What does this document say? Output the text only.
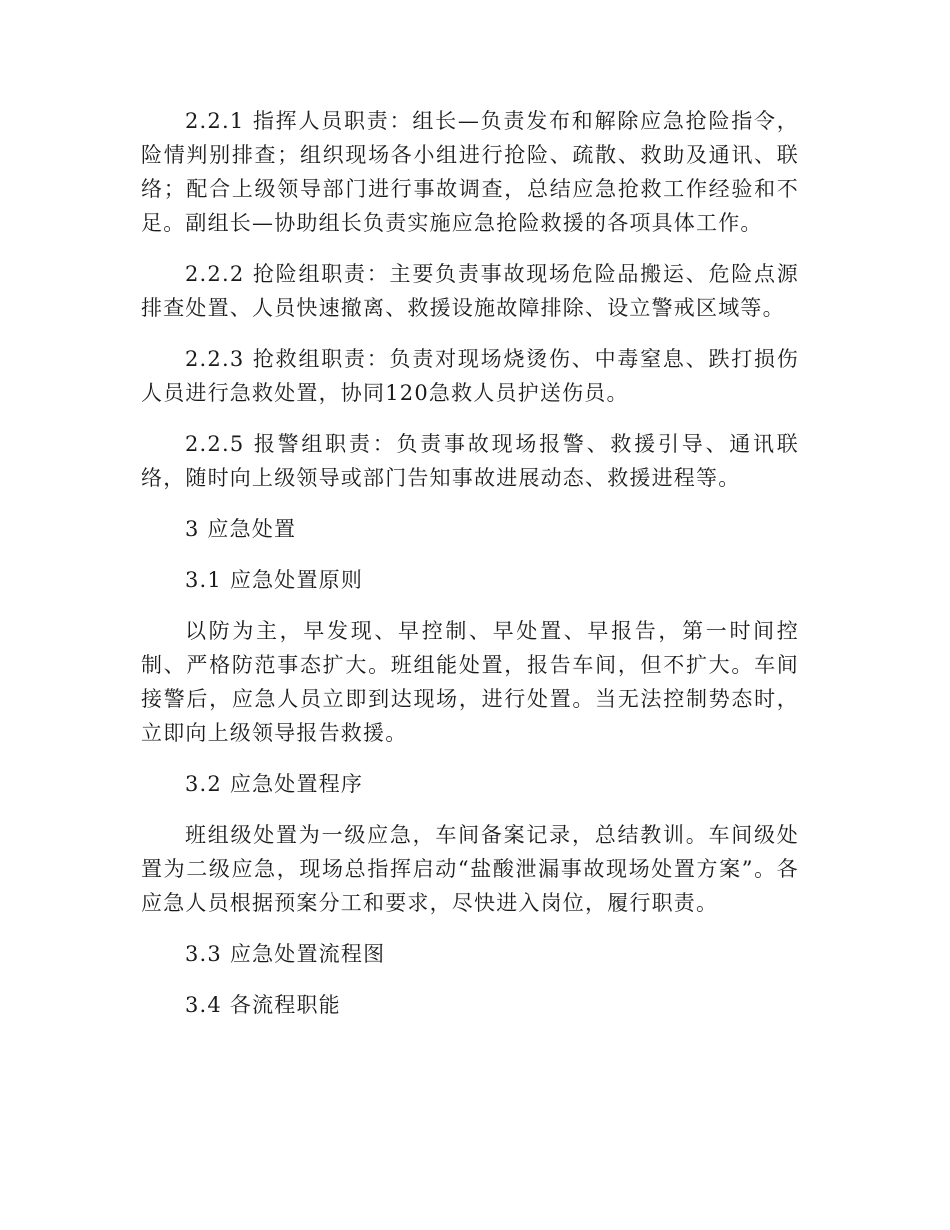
2.2.1 指挥人员职责：组长—负责发布和解除应急抢险指令，险情判别排查；组织现场各小组进行抢险、疏散、救助及通讯、联络；配合上级领导部门进行事故调查，总结应急抢救工作经验和不足。副组长—协助组长负责实施应急抢险救援的各项具体工作。

2.2.2 抢险组职责：主要负责事故现场危险品搬运、危险点源排查处置、人员快速撤离、救援设施故障排除、设立警戒区域等。

2.2.3 抢救组职责：负责对现场烧烫伤、中毒窒息、跌打损伤人员进行急救处置，协同120急救人员护送伤员。

2.2.5 报警组职责：负责事故现场报警、救援引导、通讯联络，随时向上级领导或部门告知事故进展动态、救援进程等。

3 应急处置

3.1 应急处置原则

以防为主，早发现、早控制、早处置、早报告，第一时间控制、严格防范事态扩大。班组能处置，报告车间，但不扩大。车间接警后，应急人员立即到达现场，进行处置。当无法控制势态时，立即向上级领导报告救援。

3.2 应急处置程序

班组级处置为一级应急，车间备案记录，总结教训。车间级处置为二级应急，现场总指挥启动“盐酸泄漏事故现场处置方案”。各应急人员根据预案分工和要求，尽快进入岗位，履行职责。

3.3 应急处置流程图

3.4 各流程职能
